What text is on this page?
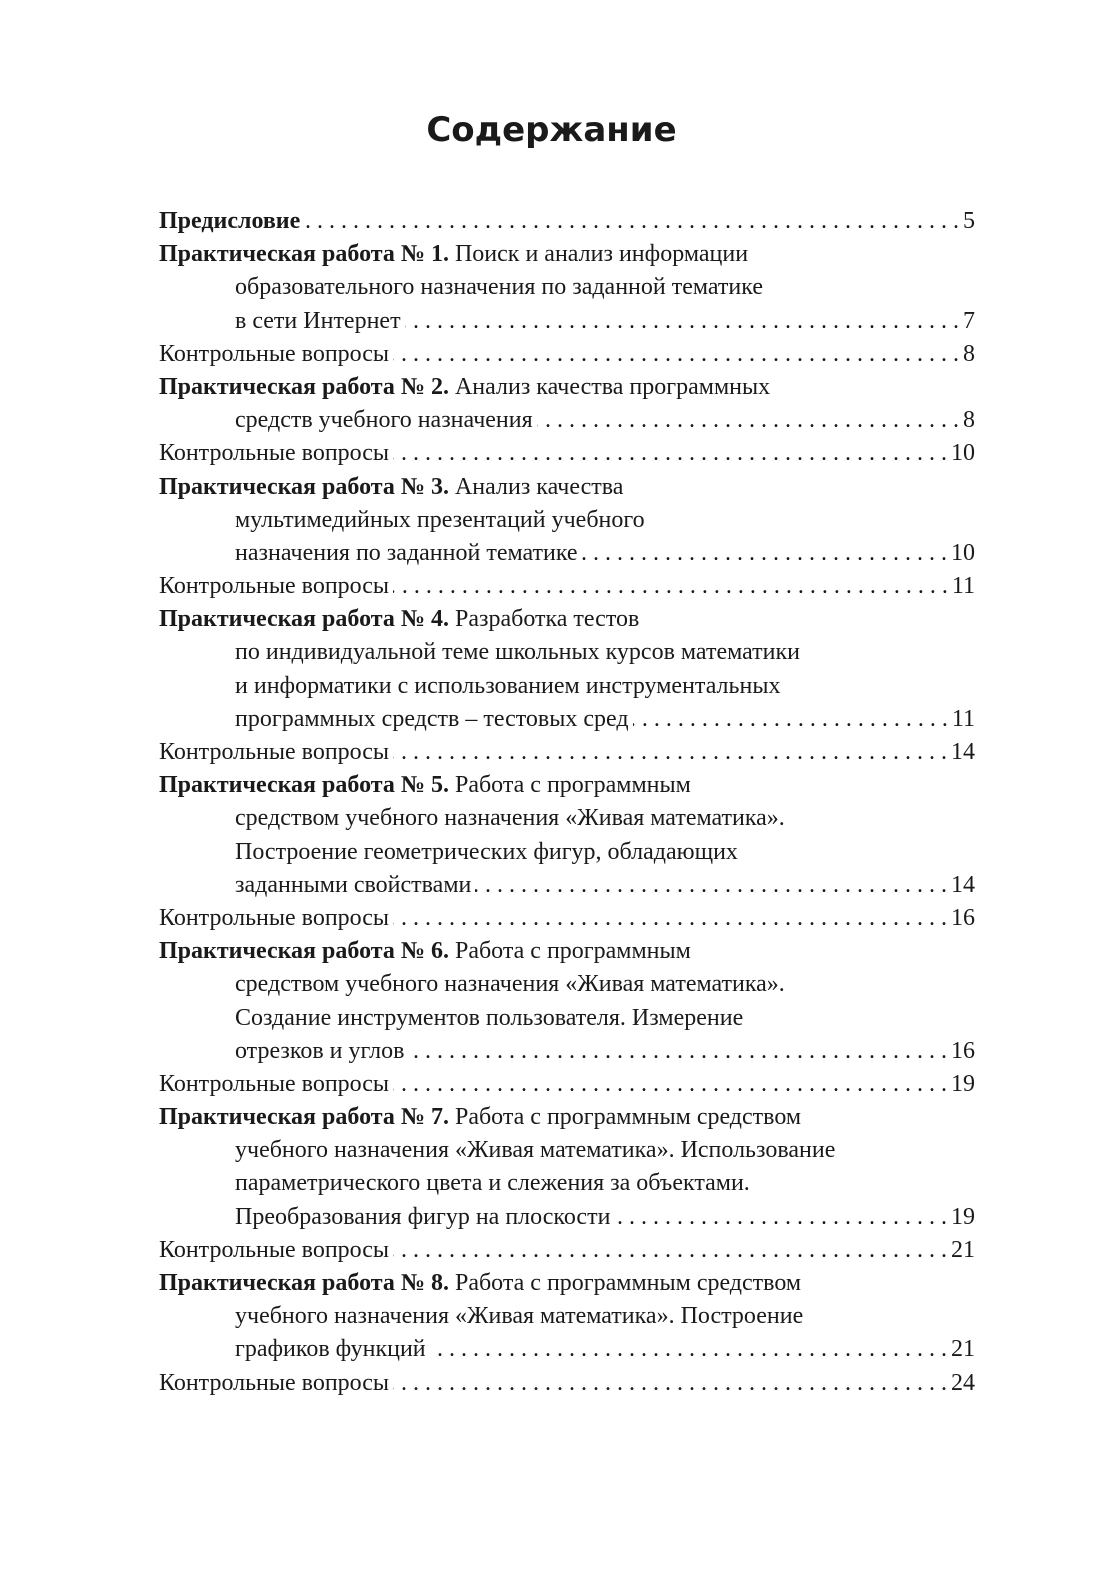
Содержание
Предисловие . . .	5
Практическая работа № 1.
Поиск и анализ информации
образовательного назначения по заданной тематике
в сети Интернет . . .	7
Контрольные вопросы . . .	8
Практическая работа № 2.
Анализ качества программных
средств учебного назначения . . .	8
Контрольные вопросы . . .	10
Практическая работа № 3.
Анализ качества
мультимедийных презентаций учебного
назначения по заданной тематике . . .	10
Контрольные вопросы . . .	11
Практическая работа № 4.
Разработка тестов
по индивидуальной теме школьных курсов математики
и информатики с использованием инструментальных
программных средств – тестовых сред . . .	11
Контрольные вопросы . . .	14
Практическая работа № 5.
Работа с программным
средством учебного назначения «Живая математика».
Построение геометрических фигур, обладающих
заданными свойствами . . .	14
Контрольные вопросы . . .	16
Практическая работа № 6.
Работа с программным
средством учебного назначения «Живая математика».
Создание инструментов пользователя. Измерение
отрезков и углов . . .	16
Контрольные вопросы . . .	19
Практическая работа № 7.
Работа с программным средством
учебного назначения «Живая математика». Использование
параметрического цвета и слежения за объектами.
Преобразования фигур на плоскости . . .	19
Контрольные вопросы . . .	21
Практическая работа № 8.
Работа с программным средством
учебного назначения «Живая математика». Построение
графиков функций . . .	21
Контрольные вопросы . . .	24
